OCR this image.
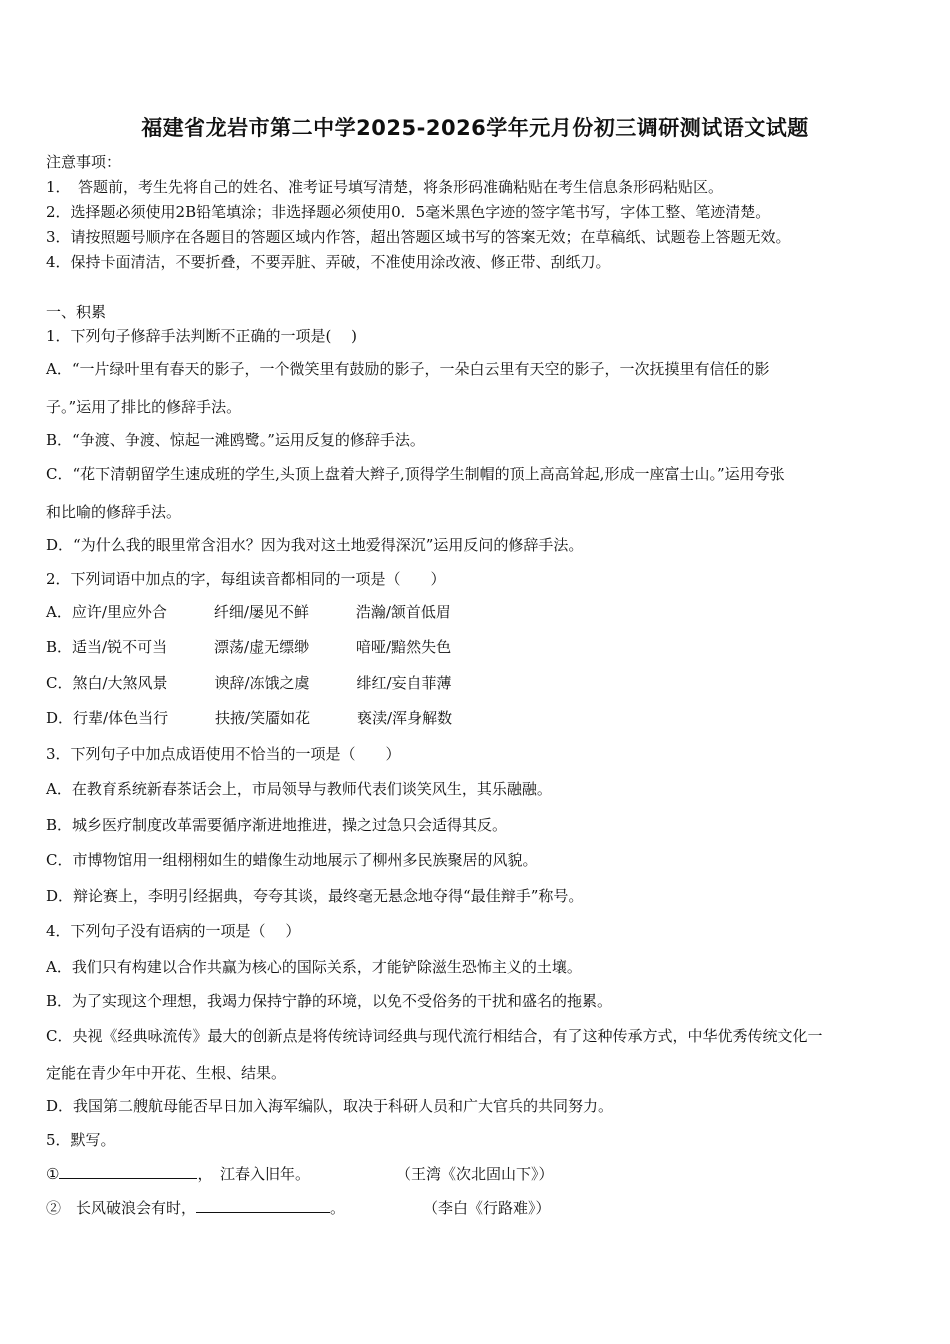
福建省龙岩市第二中学2025-2026学年元月份初三调研测试语文试题
注意事项：
1．　答题前，考生先将自己的姓名、准考证号填写清楚，将条形码准确粘贴在考生信息条形码粘贴区。
2．选择题必须使用2B铅笔填涂；非选择题必须使用0．5毫米黑色字迹的签字笔书写，字体工整、笔迹清楚。
3．请按照题号顺序在各题目的答题区域内作答，超出答题区域书写的答案无效；在草稿纸、试题卷上答题无效。
4．保持卡面清洁，不要折叠，不要弄脏、弄破，不准使用涂改液、修正带、刮纸刀。
一、积累
1．下列句子修辞手法判断不正确的一项是(　 )
A．“一片绿叶里有春天的影子，一个微笑里有鼓励的影子，一朵白云里有天空的影子，一次抚摸里有信任的影
子。”运用了排比的修辞手法。
B．“争渡、争渡、惊起一滩鸥鹭。”运用反复的修辞手法。
C．“花下清朝留学生速成班的学生,头顶上盘着大辫子,顶得学生制帽的顶上高高耸起,形成一座富士山。”运用夸张
和比喻的修辞手法。
D．“为什么我的眼里常含泪水？因为我对这土地爱得深沉”运用反问的修辞手法。
2．下列词语中加点的字，每组读音都相同的一项是（　　）
A．应许/里应外合	纤细/屡见不鲜	浩瀚/颔首低眉
B．适当/锐不可当	漂荡/虚无缥缈	喑哑/黯然失色
C．煞白/大煞风景	谀辞/冻饿之虞	绯红/妄自菲薄
D．行辈/体色当行	扶掖/笑靥如花	亵渎/浑身解数
3．下列句子中加点成语使用不恰当的一项是（　　）
A．在教育系统新春茶话会上，市局领导与教师代表们谈笑风生，其乐融融。
B．城乡医疗制度改革需要循序渐进地推进，操之过急只会适得其反。
C．市博物馆用一组栩栩如生的蜡像生动地展示了柳州多民族聚居的风貌。
D．辩论赛上，李明引经据典，夸夸其谈，最终毫无悬念地夺得“最佳辩手”称号。
4．下列句子没有语病的一项是（　 ）
A．我们只有构建以合作共赢为核心的国际关系，才能铲除滋生恐怖主义的土壤。
B．为了实现这个理想，我竭力保持宁静的环境，以免不受俗务的干扰和盛名的拖累。
C．央视《经典咏流传》最大的创新点是将传统诗词经典与现代流行相结合，有了这种传承方式，中华优秀传统文化一
定能在青少年中开花、生根、结果。
D．我国第二艘航母能否早日加入海军编队，取决于科研人员和广大官兵的共同努力。
5．默写。
①	，　江春入旧年。	（王湾《次北固山下》）
②　长风破浪会有时，	。	（李白《行路难》）
